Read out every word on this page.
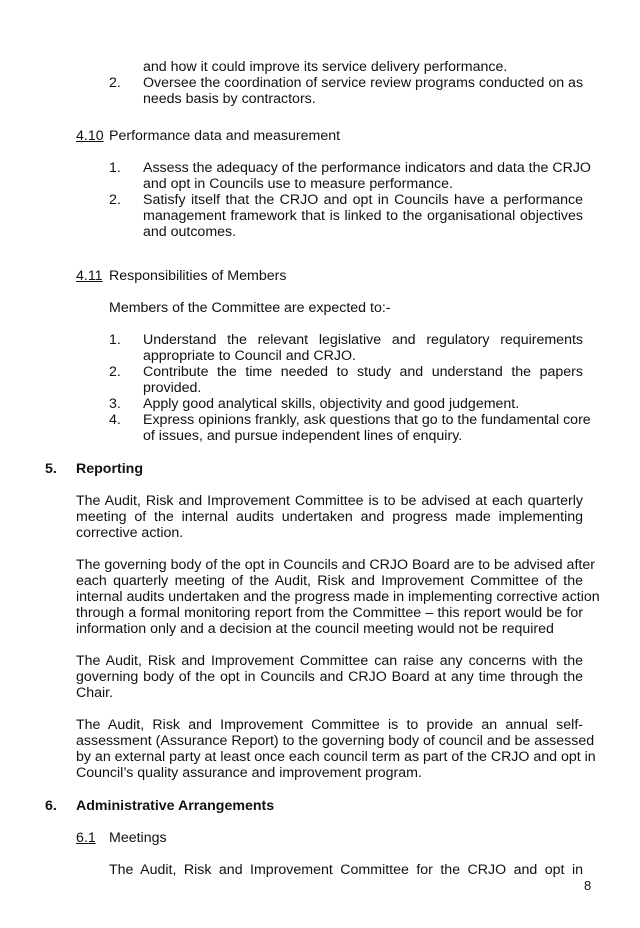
and how it could improve its service delivery performance.
2. Oversee the coordination of service review programs conducted on as
needs basis by contractors.
4.10 Performance data and measurement
1. Assess the adequacy of the performance indicators and data the CRJO
and opt in Councils use to measure performance.
2. Satisfy itself that the CRJO and opt in Councils have a performance
management framework that is linked to the organisational objectives
and outcomes.
4.11 Responsibilities of Members
Members of the Committee are expected to:-
1. Understand the relevant legislative and regulatory requirements
appropriate to Council and CRJO.
2. Contribute the time needed to study and understand the papers
provided.
3. Apply good analytical skills, objectivity and good judgement.
4. Express opinions frankly, ask questions that go to the fundamental core
of issues, and pursue independent lines of enquiry.
5. Reporting
The Audit, Risk and Improvement Committee is to be advised at each quarterly
meeting of the internal audits undertaken and progress made implementing
corrective action.
The governing body of the opt in Councils and CRJO Board are to be advised after
each quarterly meeting of the Audit, Risk and Improvement Committee of the
internal audits undertaken and the progress made in implementing corrective action
through a formal monitoring report from the Committee – this report would be for
information only and a decision at the council meeting would not be required
The Audit, Risk and Improvement Committee can raise any concerns with the
governing body of the opt in Councils and CRJO Board at any time through the
Chair.
The Audit, Risk and Improvement Committee is to provide an annual self-
assessment (Assurance Report) to the governing body of council and be assessed
by an external party at least once each council term as part of the CRJO and opt in
Council’s quality assurance and improvement program.
6. Administrative Arrangements
6.1 Meetings
The Audit, Risk and Improvement Committee for the CRJO and opt in
8
